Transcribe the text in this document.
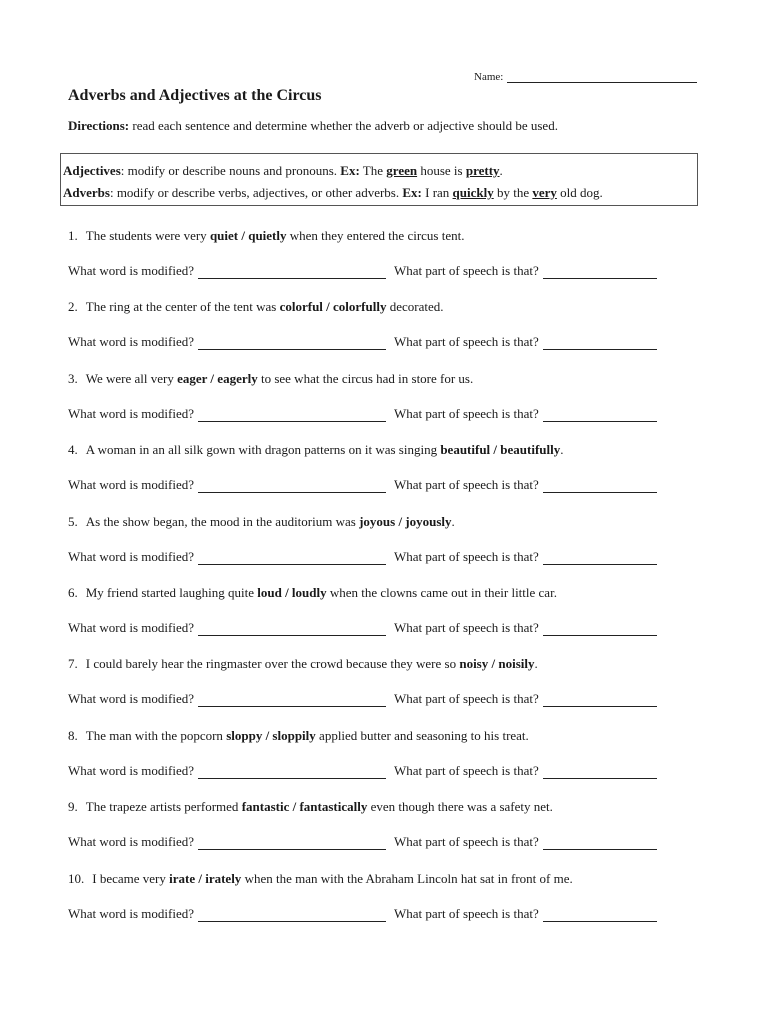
Name:
Adverbs and Adjectives at the Circus
Directions: read each sentence and determine whether the adverb or adjective should be used.
Adjectives: modify or describe nouns and pronouns. Ex: The green house is pretty.
Adverbs: modify or describe verbs, adjectives, or other adverbs. Ex: I ran quickly by the very old dog.
1. The students were very quiet / quietly when they entered the circus tent.
What word is modified?	What part of speech is that?
2. The ring at the center of the tent was colorful / colorfully decorated.
What word is modified?	What part of speech is that?
3. We were all very eager / eagerly to see what the circus had in store for us.
What word is modified?	What part of speech is that?
4. A woman in an all silk gown with dragon patterns on it was singing beautiful / beautifully.
What word is modified?	What part of speech is that?
5. As the show began, the mood in the auditorium was joyous / joyously.
What word is modified?	What part of speech is that?
6. My friend started laughing quite loud / loudly when the clowns came out in their little car.
What word is modified?	What part of speech is that?
7. I could barely hear the ringmaster over the crowd because they were so noisy / noisily.
What word is modified?	What part of speech is that?
8. The man with the popcorn sloppy / sloppily applied butter and seasoning to his treat.
What word is modified?	What part of speech is that?
9. The trapeze artists performed fantastic / fantastically even though there was a safety net.
What word is modified?	What part of speech is that?
10. I became very irate / irately when the man with the Abraham Lincoln hat sat in front of me.
What word is modified?	What part of speech is that?
